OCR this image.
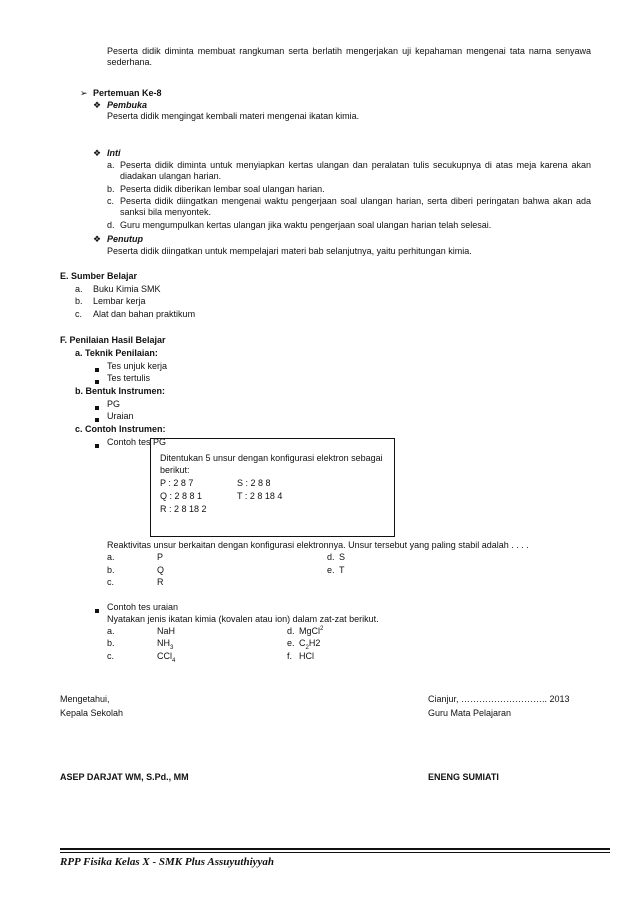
Peserta didik diminta membuat rangkuman serta berlatih mengerjakan uji kepahaman mengenai tata nama senyawa sederhana.
➢ Pertemuan Ke-8
❖ Pembuka
Peserta didik mengingat kembali materi mengenai ikatan kimia.
❖ Inti
a. Peserta didik diminta untuk menyiapkan kertas ulangan dan peralatan tulis secukupnya di atas meja karena akan diadakan ulangan harian.
b. Peserta didik diberikan lembar soal ulangan harian.
c. Peserta didik diingatkan mengenai waktu pengerjaan soal ulangan harian, serta diberi peringatan bahwa akan ada sanksi bila menyontek.
d. Guru mengumpulkan kertas ulangan jika waktu pengerjaan soal ulangan harian telah selesai.
❖ Penutup
Peserta didik diingatkan untuk mempelajari materi bab selanjutnya, yaitu perhitungan kimia.
E. Sumber Belajar
a. Buku Kimia SMK
b. Lembar kerja
c. Alat dan bahan praktikum
F. Penilaian Hasil Belajar
a. Teknik Penilaian:
Tes unjuk kerja
Tes tertulis
b. Bentuk Instrumen:
PG
Uraian
c. Contoh Instrumen:
Contoh tes PG
Ditentukan 5 unsur dengan konfigurasi elektron sebagai
berikut:
P : 2 8 7	S : 2 8 8
Q : 2 8 8 1	T : 2 8 18 4
R : 2 8 18 2
Reaktivitas unsur berkaitan dengan konfigurasi elektronnya. Unsur tersebut yang paling stabil adalah . . . .
a.	P	d. S
b.	Q	e. T
c.	R
Contoh tes uraian
Nyatakan jenis ikatan kimia (kovalen atau ion) dalam zat-zat berikut.
a.	NaH	d. MgCl$^2$
b.	$NH_3$	e. $C_2H2$
c.	CCl$_4$	f. HCl
Mengetahui,
Kepala Sekolah
ASEP DARJAT WM, S.Pd., MM
Cianjur, ……………………….. 2013
Guru Mata Pelajaran
ENENG SUMIATI
RPP Fisika Kelas X - SMK Plus Assuyuthiyyah
